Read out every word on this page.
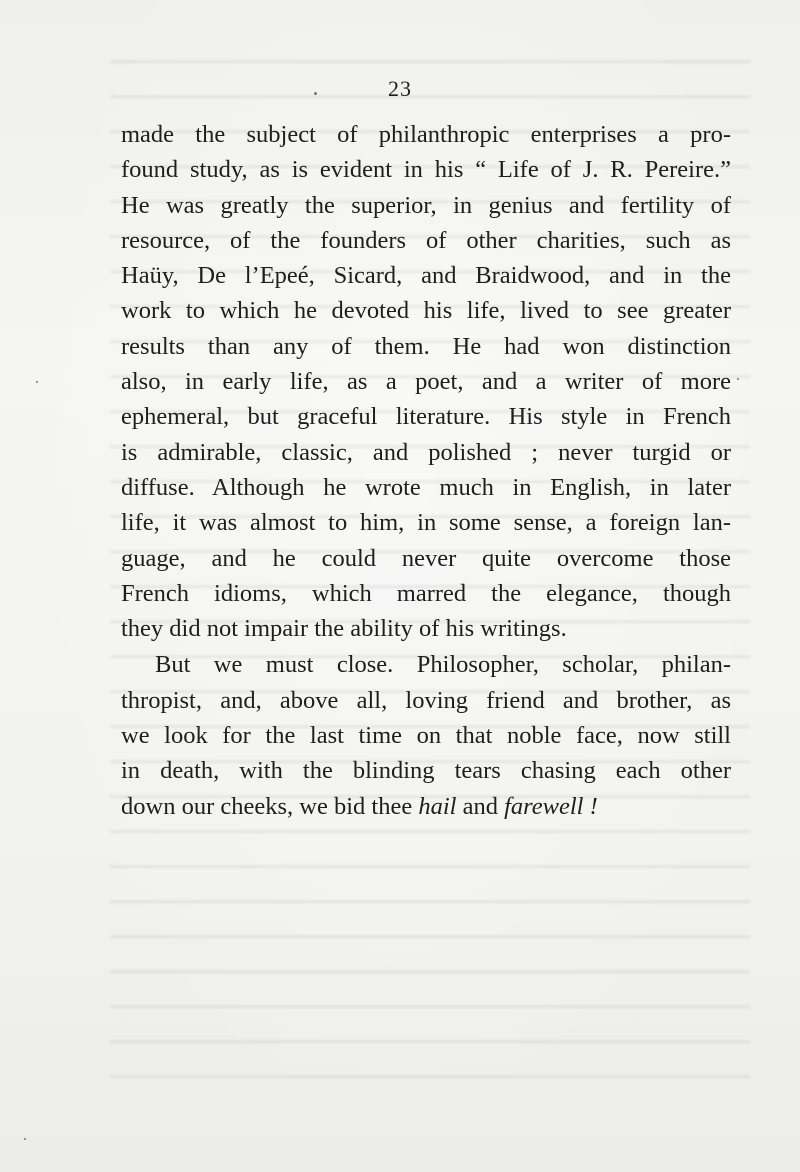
23

made the subject of philanthropic enterprises a pro-
found study, as is evident in his “ Life of J. R. Pereire.”
He was greatly the superior, in genius and fertility of
resource, of the founders of other charities, such as
Haüy, De l’Epeé, Sicard, and Braidwood, and in the
work to which he devoted his life, lived to see greater
results than any of them. He had won distinction
also, in early life, as a poet, and a writer of more
ephemeral, but graceful literature. His style in French
is admirable, classic, and polished ; never turgid or
diffuse. Although he wrote much in English, in later
life, it was almost to him, in some sense, a foreign lan-
guage, and he could never quite overcome those
French idioms, which marred the elegance, though
they did not impair the ability of his writings.

But we must close. Philosopher, scholar, philan-
thropist, and, above all, loving friend and brother, as
we look for the last time on that noble face, now still
in death, with the blinding tears chasing each other
down our cheeks, we bid thee hail and farewell !
